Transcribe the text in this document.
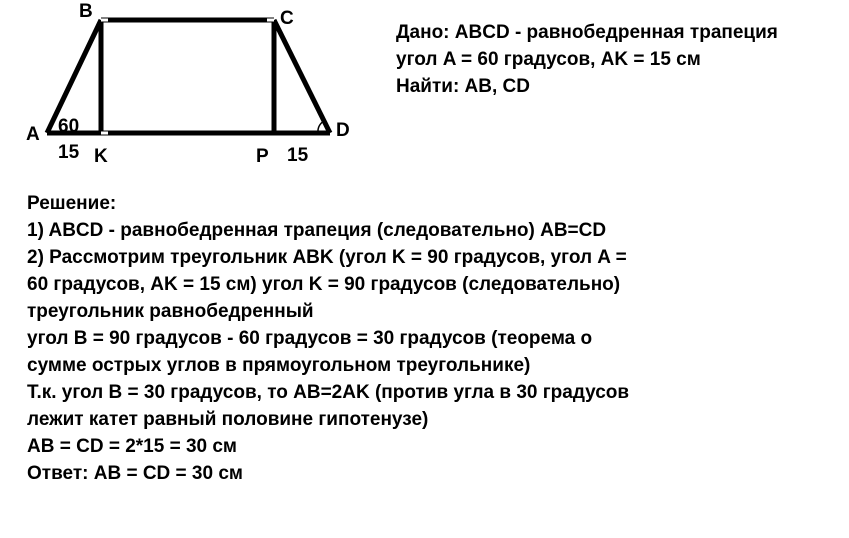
B	C
A	D
K	P
60
15	15
Дано: ABCD - равнобедренная трапеция
угол A = 60 градусов, AK = 15 см
Найти: AB, CD
Решение:
1) ABCD - равнобедренная трапеция (следовательно) AB=CD
2) Рассмотрим треугольник ABK (угол K = 90 градусов, угол A =
60 градусов, AK = 15 см) угол K = 90 градусов (следовательно)
треугольник равнобедренный
угол B = 90 градусов - 60 градусов = 30 градусов (теорема о
сумме острых углов в прямоугольном треугольнике)
Т.к. угол B = 30 градусов, то AB=2AK (против угла в 30 градусов
лежит катет равный половине гипотенузе)
AB = CD = 2*15 = 30 см
Ответ: AB = CD = 30 см
